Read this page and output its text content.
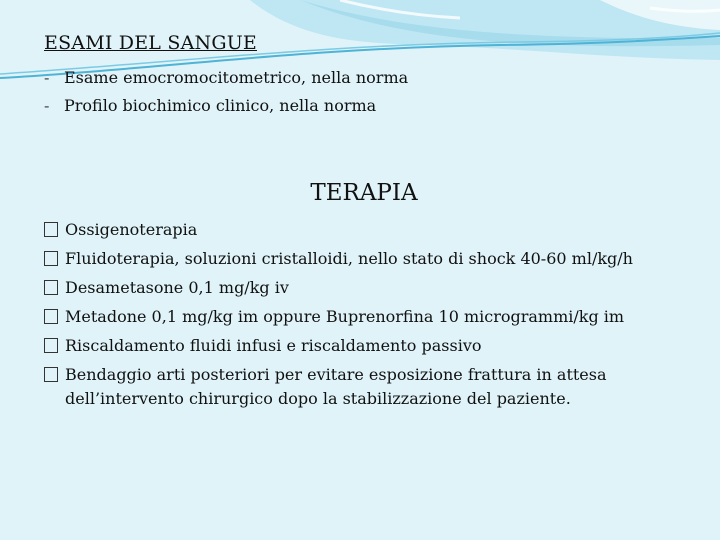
ESAMI DEL SANGUE
- Esame emocromocitometrico, nella norma
- Profilo biochimico clinico, nella norma
TERAPIA
Ossigenoterapia
Fluidoterapia, soluzioni cristalloidi, nello stato di shock 40-60 ml/kg/h
Desametasone 0,1 mg/kg iv
Metadone 0,1 mg/kg im oppure Buprenorfina 10 microgrammi/kg im
Riscaldamento fluidi infusi e riscaldamento passivo
Bendaggio arti posteriori per evitare esposizione frattura in attesa dell’intervento chirurgico dopo la stabilizzazione del paziente.
